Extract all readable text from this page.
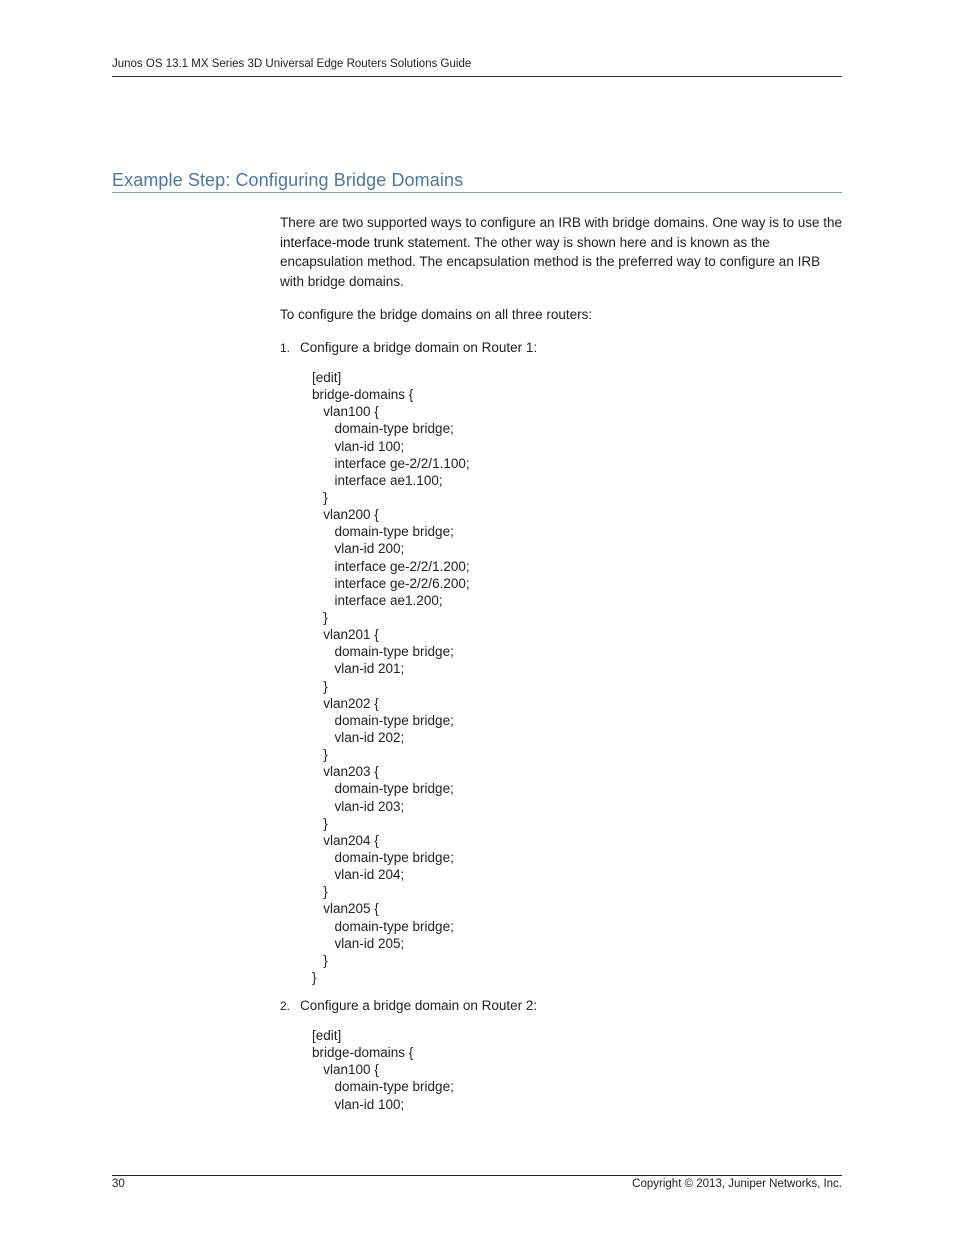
Junos OS 13.1 MX Series 3D Universal Edge Routers Solutions Guide
Example Step: Configuring Bridge Domains
There are two supported ways to configure an IRB with bridge domains. One way is to use the interface-mode trunk statement. The other way is shown here and is known as the encapsulation method. The encapsulation method is the preferred way to configure an IRB with bridge domains.
To configure the bridge domains on all three routers:
1. Configure a bridge domain on Router 1:
[edit]
bridge-domains {
vlan100 {
domain-type bridge;
vlan-id 100;
interface ge-2/2/1.100;
interface ae1.100;
}
vlan200 {
domain-type bridge;
vlan-id 200;
interface ge-2/2/1.200;
interface ge-2/2/6.200;
interface ae1.200;
}
vlan201 {
domain-type bridge;
vlan-id 201;
}
vlan202 {
domain-type bridge;
vlan-id 202;
}
vlan203 {
domain-type bridge;
vlan-id 203;
}
vlan204 {
domain-type bridge;
vlan-id 204;
}
vlan205 {
domain-type bridge;
vlan-id 205;
}
}
2. Configure a bridge domain on Router 2:
[edit]
bridge-domains {
vlan100 {
domain-type bridge;
vlan-id 100;
30	Copyright © 2013, Juniper Networks, Inc.
